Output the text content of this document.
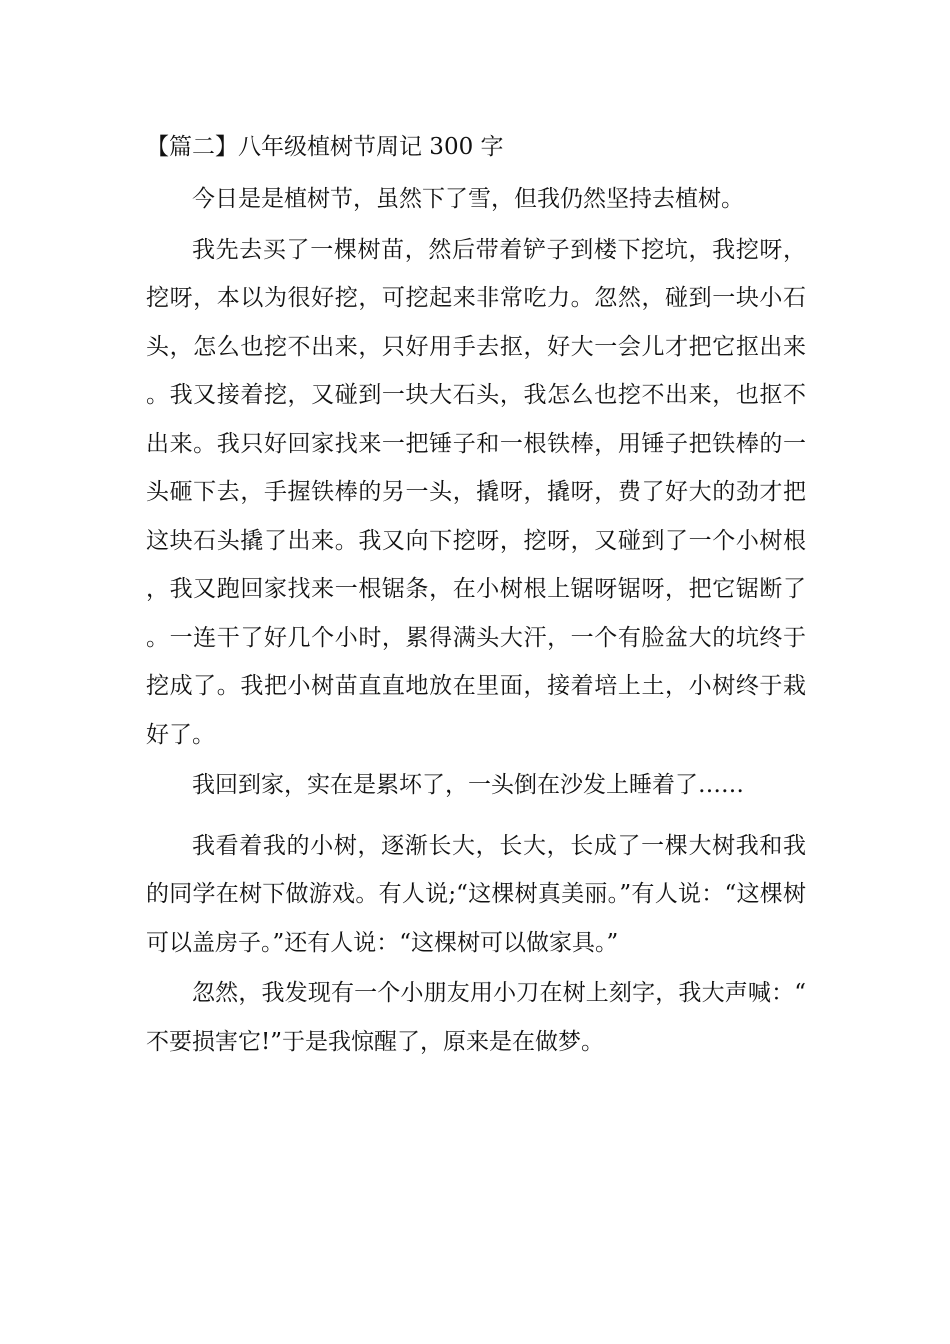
【篇二】八年级植树节周记 300 字

今日是是植树节，虽然下了雪，但我仍然坚持去植树。

我先去买了一棵树苗，然后带着铲子到楼下挖坑，我挖呀，挖呀，本以为很好挖，可挖起来非常吃力。忽然，碰到一块小石头，怎么也挖不出来，只好用手去抠，好大一会儿才把它抠出来。我又接着挖，又碰到一块大石头，我怎么也挖不出来，也抠不出来。我只好回家找来一把锤子和一根铁棒，用锤子把铁棒的一头砸下去，手握铁棒的另一头，撬呀，撬呀，费了好大的劲才把这块石头撬了出来。我又向下挖呀，挖呀，又碰到了一个小树根，我又跑回家找来一根锯条，在小树根上锯呀锯呀，把它锯断了。一连干了好几个小时，累得满头大汗，一个有脸盆大的坑终于挖成了。我把小树苗直直地放在里面，接着培上土，小树终于栽好了。

我回到家，实在是累坏了，一头倒在沙发上睡着了……

我看着我的小树，逐渐长大，长大，长成了一棵大树我和我的同学在树下做游戏。有人说;“这棵树真美丽。”有人说：“这棵树可以盖房子。”还有人说：“这棵树可以做家具。”

忽然，我发现有一个小朋友用小刀在树上刻字，我大声喊：“不要损害它!”于是我惊醒了，原来是在做梦。
